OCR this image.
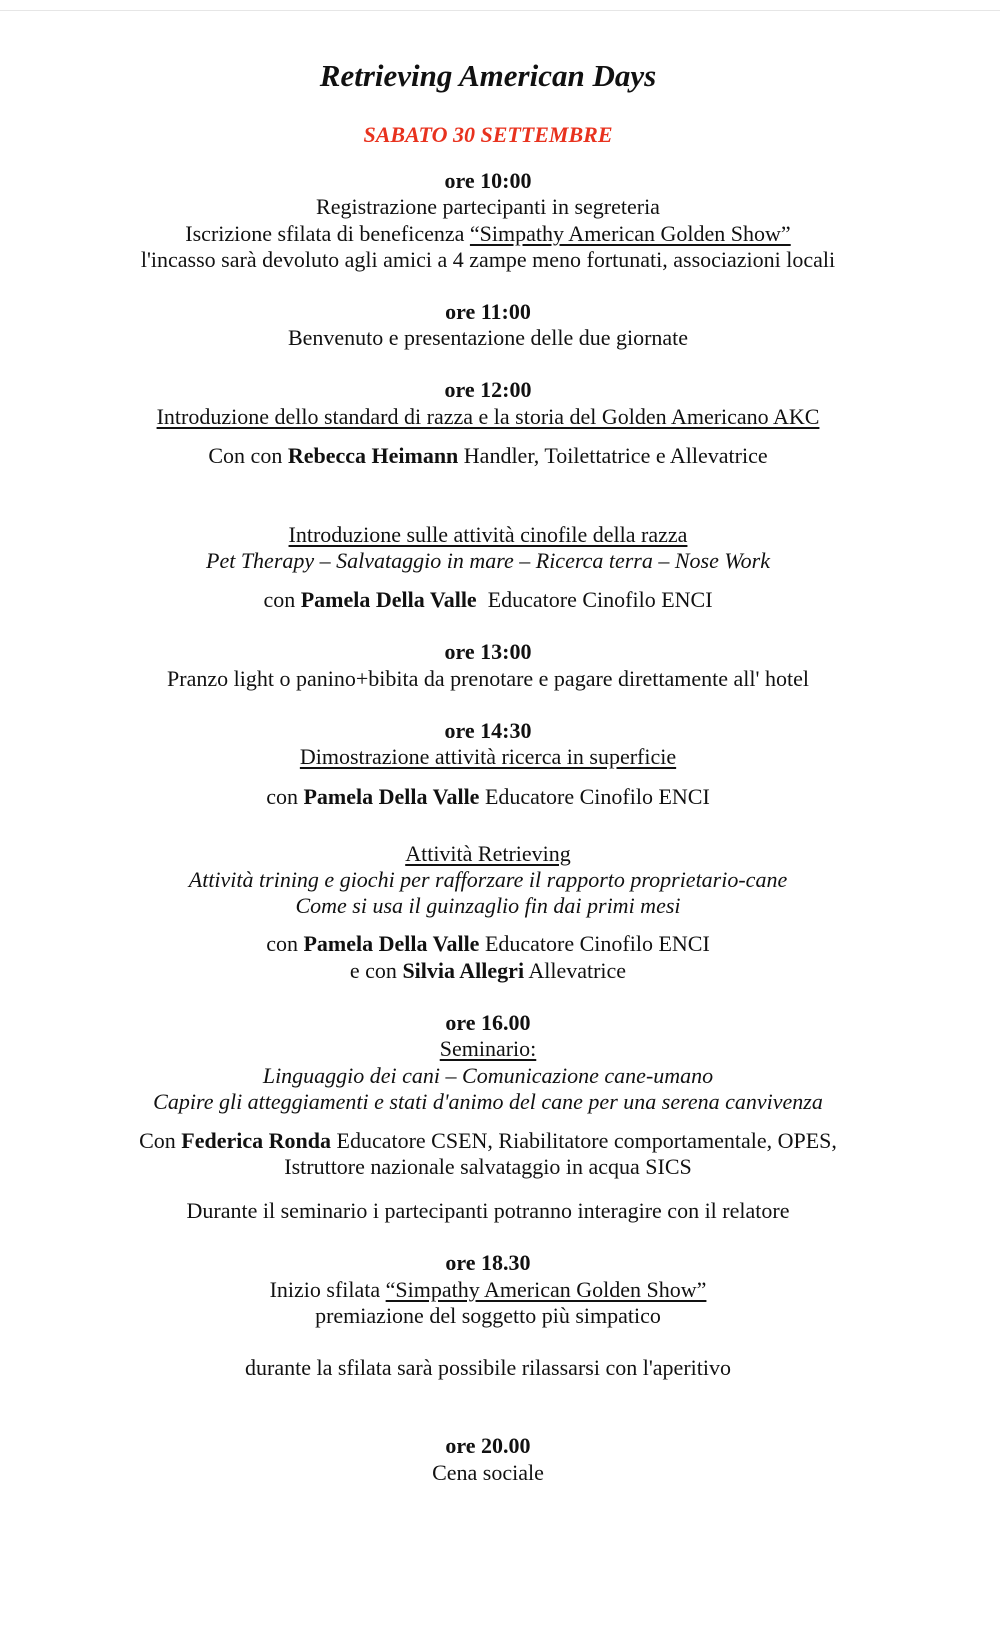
Retrieving American Days
SABATO 30 SETTEMBRE
ore 10:00
Registrazione partecipanti in segreteria
Iscrizione sfilata di beneficenza “Simpathy American Golden Show”
l'incasso sarà devoluto agli amici a 4 zampe meno fortunati, associazioni locali
ore 11:00
Benvenuto e presentazione delle due giornate
ore 12:00
Introduzione dello standard di razza e la storia del Golden Americano AKC
Con con Rebecca Heimann Handler, Toilettatrice e Allevatrice
Introduzione sulle attività cinofile della razza
Pet Therapy – Salvataggio in mare – Ricerca terra – Nose Work
con Pamela Della Valle  Educatore Cinofilo ENCI
ore 13:00
Pranzo light o panino+bibita da prenotare e pagare direttamente all' hotel
ore 14:30
Dimostrazione attività ricerca in superficie
con Pamela Della Valle Educatore Cinofilo ENCI
Attività Retrieving
Attività trining e giochi per rafforzare il rapporto proprietario-cane
Come si usa il guinzaglio fin dai primi mesi
con Pamela Della Valle Educatore Cinofilo ENCI
e con Silvia Allegri Allevatrice
ore 16.00
Seminario:
Linguaggio dei cani – Comunicazione cane-umano
Capire gli atteggiamenti e stati d'animo del cane per una serena canvivenza
Con Federica Ronda Educatore CSEN, Riabilitatore comportamentale, OPES,
Istruttore nazionale salvataggio in acqua SICS
Durante il seminario i partecipanti potranno interagire con il relatore
ore 18.30
Inizio sfilata “Simpathy American Golden Show”
premiazione del soggetto più simpatico
durante la sfilata sarà possibile rilassarsi con l'aperitivo
ore 20.00
Cena sociale
